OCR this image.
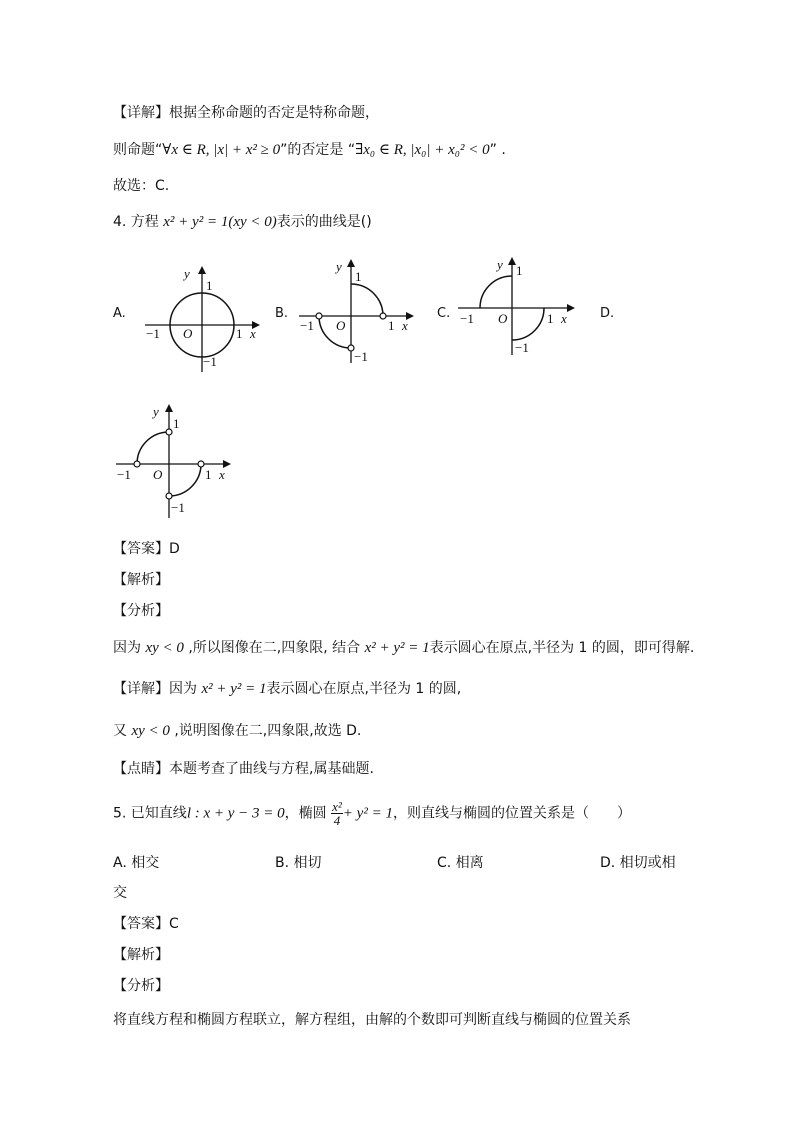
【详解】根据全称命题的否定是特称命题，
则命题“∀x ∈ R, |x| + x² ≥ 0”的否定是 “∃x₀ ∈ R, |x₀| + x₀² < 0” .
故选：C.
4. 方程 x² + y² = 1(xy < 0)表示的曲线是()
A.	B.	C.	D.
y
1
O
−1	1 x
−1
y
1
O
−1	1 x
−1
y 1
O
−1	1 x
−1
y
1
O
−1	1 x
−1
【答案】D
【解析】
【分析】
因为 xy < 0 ,所以图像在二,四象限, 结合 x² + y² = 1表示圆心在原点,半径为 1 的圆，即可得解.
【详解】因为 x² + y² = 1表示圆心在原点,半径为 1 的圆,
又 xy < 0 ,说明图像在二,四象限,故选 D.
【点睛】本题考查了曲线与方程,属基础题.
5. 已知直线l : x + y − 3 = 0，椭圆 $\frac{\text{x²}}{4} + y^2 = 1$，则直线与椭圆的位置关系是（　　）
A. 相交	B. 相切	C. 相离	D. 相切或相
交
【答案】C
【解析】
【分析】
将直线方程和椭圆方程联立，解方程组，由解的个数即可判断直线与椭圆的位置关系
